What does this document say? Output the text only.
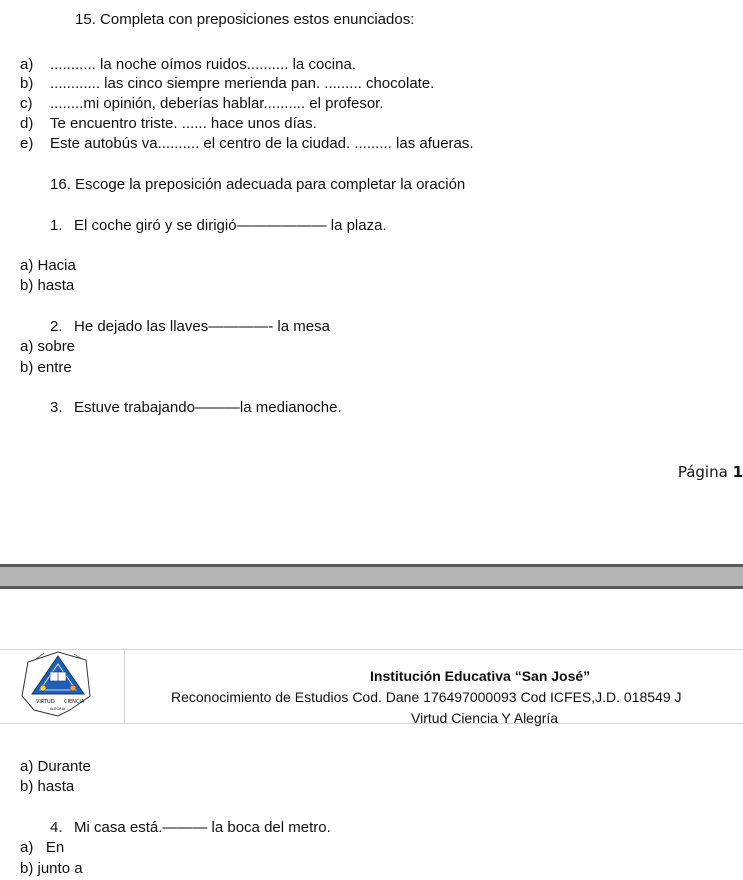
15. Completa con preposiciones estos enunciados:
a) ........... la noche oímos ruidos.......... la cocina.
b) ............ las cinco siempre merienda pan. ......... chocolate.
c) ........mi opinión, deberías hablar.......... el profesor.
d) Te encuentro triste. ...... hace unos días.
e) Este autobús va.......... el centro de la ciudad. ......... las afueras.
16. Escoge la preposición adecuada para completar la oración
1. El coche giró y se dirigió—————— la plaza.
a) Hacia
b) hasta
2. He dejado las llaves————- la mesa
a) sobre
b) entre
3. Estuve trabajando———la medianoche.
Página 1
VIRTUD CIENCIA
ALEGRIA
Institución Educativa “San José”
Reconocimiento de Estudios Cod. Dane 176497000093 Cod ICFES,J.D. 018549 J
Virtud Ciencia Y Alegría
a) Durante
b) hasta
4. Mi casa está.——— la boca del metro.
a)   En
b) junto a
